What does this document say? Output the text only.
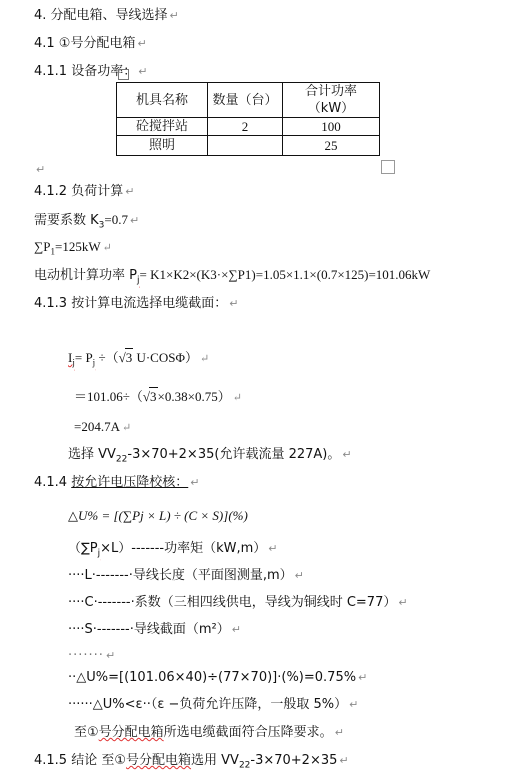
4. 分配电箱、导线选择 ↵
4.1 ①号分配电箱 ↵
4.1.1 设备功率： ↵
机具名称	数量（台）	合计功率
（kW）

砼搅拌站	2	100
照明		25
↵
4.1.2 负荷计算 ↵
需要系数 $K_3=0.7$ ↵
$\sum P_1=125kW$ ↵
电动机计算功率 $P_j= K1\times K2\times(K3\cdot\times\sum P1)=1.05\times 1.1\times(0.7\times 125)=101.06kW$
4.1.3 按计算电流选择电缆截面： ↵
$I_j= P_j \div(√3$ U·COSΦ） ↵
＝101.06÷（√3×0.38×0.75） ↵
=204.7A ↵
选择 $VV_{22}-3\times 70+2\times 35$(允许载流量 227A)。 ↵
4.1.4 按允许电压降校核： ↵
△U% = [(∑Pj × L) ÷ (C × S)](%)
$(\sum P_j\times L)-------$功率矩（kW,m） ↵
····L·-------·导线长度（平面图测量,m） ↵
····C·-------·系数（三相四线供电，导线为铜线时 C=77） ↵
····S·-------·导线截面（m²） ↵
······· ↵
··△U%=[(101.06×40)÷(77×70)]·(%)=0.75% ↵
······△U%<ε··（ε −负荷允许压降，一般取 5%） ↵
至①号分配电箱所选电缆截面符合压降要求。 ↵
4.1.5 结论 至①号分配电箱选用 $VV_{22}-3\times 70+2\times 35$ ↵
